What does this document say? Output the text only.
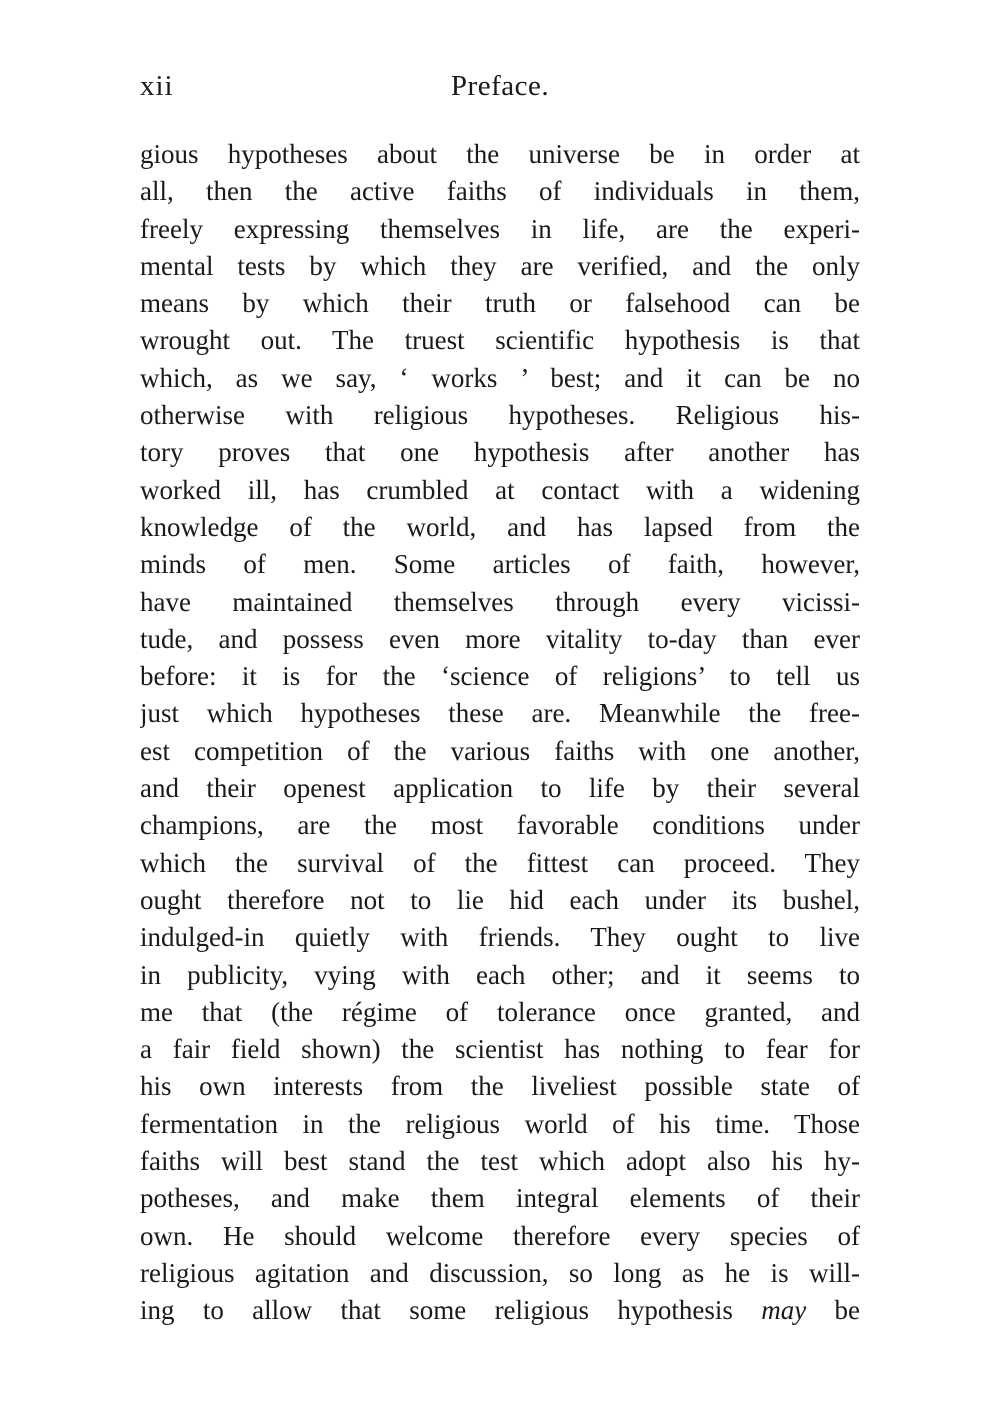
xii	Preface.
gious hypotheses about the universe be in order at
all, then the active faiths of individuals in them,
freely expressing themselves in life, are the experi-
mental tests by which they are verified, and the only
means by which their truth or falsehood can be
wrought out. The truest scientific hypothesis is that
which, as we say, ‘ works ’ best; and it can be no
otherwise with religious hypotheses. Religious his-
tory proves that one hypothesis after another has
worked ill, has crumbled at contact with a widening
knowledge of the world, and has lapsed from the
minds of men. Some articles of faith, however,
have maintained themselves through every vicissi-
tude, and possess even more vitality to-day than ever
before: it is for the ‘science of religions’ to tell us
just which hypotheses these are. Meanwhile the free-
est competition of the various faiths with one another,
and their openest application to life by their several
champions, are the most favorable conditions under
which the survival of the fittest can proceed. They
ought therefore not to lie hid each under its bushel,
indulged-in quietly with friends. They ought to live
in publicity, vying with each other; and it seems to
me that (the régime of tolerance once granted, and
a fair field shown) the scientist has nothing to fear for
his own interests from the liveliest possible state of
fermentation in the religious world of his time. Those
faiths will best stand the test which adopt also his hy-
potheses, and make them integral elements of their
own. He should welcome therefore every species of
religious agitation and discussion, so long as he is will-
ing to allow that some religious hypothesis may be
